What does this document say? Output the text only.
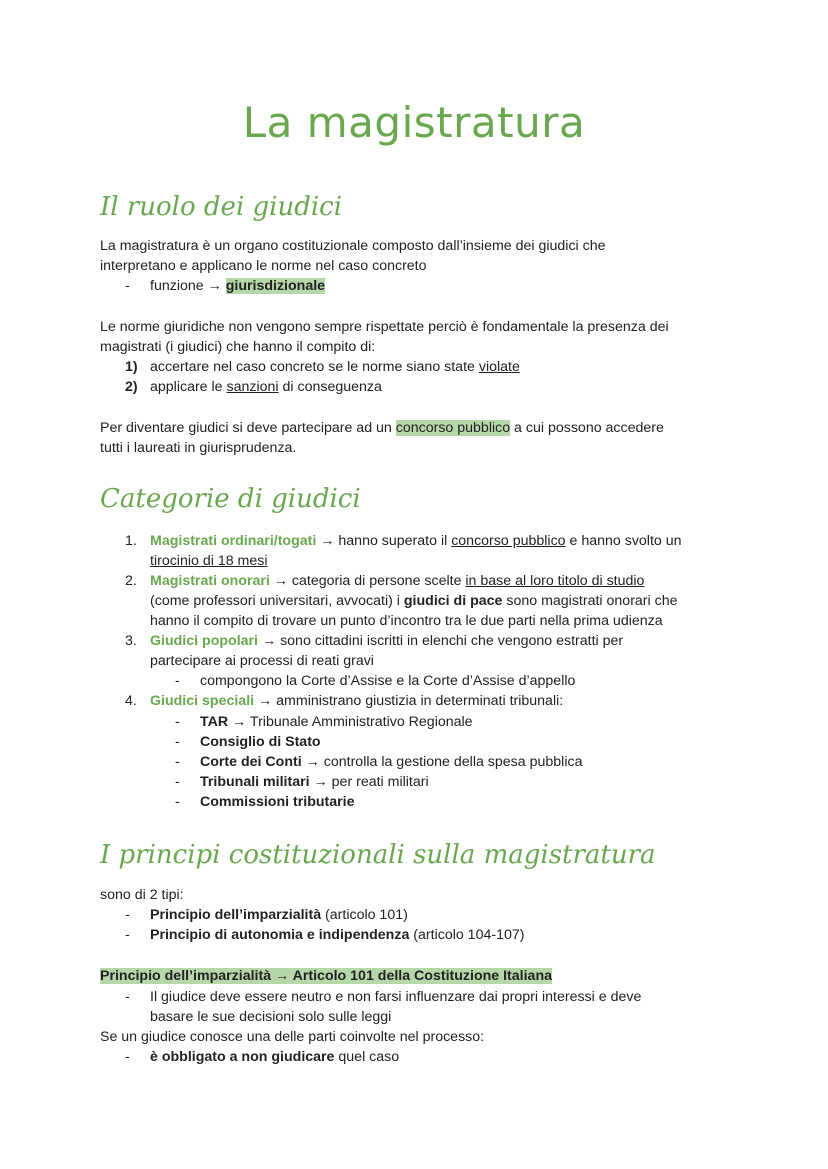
La magistratura
Il ruolo dei giudici
La magistratura è un organo costituzionale composto dall’insieme dei giudici che
interpretano e applicano le norme nel caso concreto
- funzione → giurisdizionale
Le norme giuridiche non vengono sempre rispettate perciò è fondamentale la presenza dei
magistrati (i giudici) che hanno il compito di:
1) accertare nel caso concreto se le norme siano state violate
2) applicare le sanzioni di conseguenza
Per diventare giudici si deve partecipare ad un concorso pubblico a cui possono accedere
tutti i laureati in giurisprudenza.
Categorie di giudici
1. Magistrati ordinari/togati → hanno superato il concorso pubblico e hanno svolto un
tirocinio di 18 mesi
2. Magistrati onorari → categoria di persone scelte in base al loro titolo di studio
(come professori universitari, avvocati) i giudici di pace sono magistrati onorari che
hanno il compito di trovare un punto d’incontro tra le due parti nella prima udienza
3. Giudici popolari → sono cittadini iscritti in elenchi che vengono estratti per
partecipare ai processi di reati gravi
- compongono la Corte d’Assise e la Corte d’Assise d’appello
4. Giudici speciali → amministrano giustizia in determinati tribunali:
- TAR → Tribunale Amministrativo Regionale
- Consiglio di Stato
- Corte dei Conti → controlla la gestione della spesa pubblica
- Tribunali militari → per reati militari
- Commissioni tributarie
I principi costituzionali sulla magistratura
sono di 2 tipi:
- Principio dell’imparzialità (articolo 101)
- Principio di autonomia e indipendenza (articolo 104-107)
Principio dell’imparzialità → Articolo 101 della Costituzione Italiana
- Il giudice deve essere neutro e non farsi influenzare dai propri interessi e deve
basare le sue decisioni solo sulle leggi
Se un giudice conosce una delle parti coinvolte nel processo:
- è obbligato a non giudicare quel caso
